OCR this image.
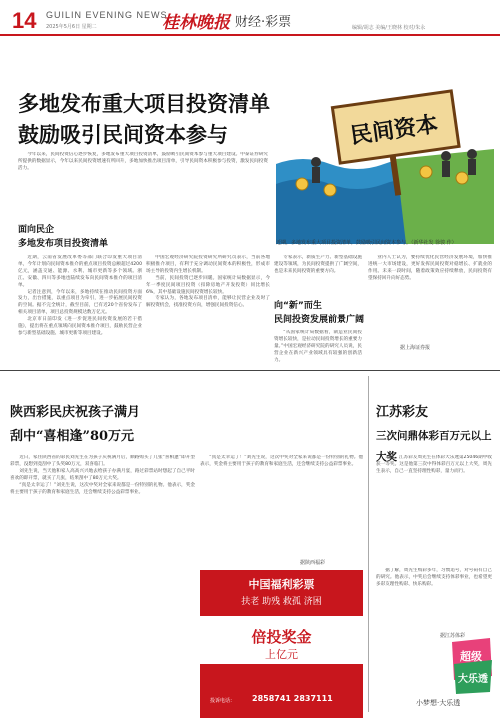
14 GUILIN EVENING NEWS
2025年5月6日 星期二	桂林晚报 财经·彩票	编辑/胡志 美编/王晓林 校对/朱永
多地发布重大项目投资清单
鼓励吸引民间资本参与	民间资本
近期，多地发布重大项目投资清单，鼓励吸引民间资本参与。（新华社发 徐骏 作）
今年以来，民间投资信心逐步恢复，多地发布重大项目投资清单，鼓励吸引民间资本参与重大项目建设。中泰证券研究所提供的数据显示，今年以来民间投资增速有所回升，多地加快推出项目清单，引导民间资本积极参与投资，激发民间投资活力。
面向民企
多地发布项目投资清单
近期，云南省发展改革委等部门联合印发重大项目清单，今年计划向民间资本推介的重点项目投资总额超过4200亿元，涵盖交通、能源、水利、城市更新等多个领域。浙江、安徽、四川等多地也陆续发布向民间资本推介的项目清单。
记者注意到，今年以来，多地持续在推动民间投资方面发力，出台措施，以重点项目为牵引，进一步拓展民间投资的空间。据不完全统计，截至目前，已有近20个省份发布了相关项目清单，项目总投资规模达数万亿元。
北京市日前印发《进一步促进民间投资发展的若干措施》，提出将在重点领域向民间资本推介项目，鼓励民营企业参与新型基础设施、城市更新等项目建设。
中国宏观经济研究院投资研究所研究员表示，当前各地积极推介项目，有利于充分调动民间资本的积极性，形成市场主导的投资内生增长机制。
当前，民间投资已逐步回暖。国家统计局数据显示，今年一季度民间项目投资（扣除房地产开发投资）同比增长6%，其中基础设施民间投资增长较快。
专家认为，各地发布项目清单，能够让民营企业及时了解投资机会，找准投资方向，增强民间投资信心。
专家表示，新质生产力、新型基础设施建设等领域，为民间投资提供了广阔空间，也是未来民间投资的重要方向。
向“新”而生
民间投资发展前景广阔
“从国家统计局数据看，制造业民间投资增长较快，是拉动民间投资增长的重要力量。”中国宏观经济研究院的研究人员说，民营企业在新兴产业领域具有较强的创新活力。
业内人士认为，要持续优化民营经济发展环境，加快推进统一大市场建设，更好发挥民间投资对稳增长、扩就业的作用。未来一段时间，随着政策效应持续释放，民间投资有望保持回升向好态势。
据上海证券报
陕西彩民庆祝孩子满月
刮中“喜相逢”80万元
近日，家住陕西省的彩民刘先生在为孩子庆祝满月后，顺路购买了几张“喜相逢”即开型彩票，没想到竟刮中了头奖80万元，双喜临门。
刘先生说，当天他和家人高高兴兴地去给孩子办满月宴，路过彩票站时想起了自己平时喜欢的即开票，就买了几张，结果刮中了80万元大奖。
“真是太幸运了！”刘先生说，这次中奖对全家来说都是一份特别的礼物。他表示，奖金将主要用于孩子的教育和家庭生活，还会继续支持公益彩票事业。
“真是太幸运了！”刘先生说，这次中奖对全家来说都是一份特别的礼物。他表示，奖金将主要用于孩子的教育和家庭生活，还会继续支持公益彩票事业。
据陕西福彩
中国福利彩票
扶老 助残 救孤 济困
倍投奖金
上亿元
投诉电话： 2858741 2837111
江苏彩友
三次问鼎体彩百万元以上大奖
近期，江苏彩友周先生在体彩大乐透第25046期中收获一等奖。这是他第三次中得体彩百万元以上大奖，周先生表示，自己一直坚持理性购彩，量力而行。
据了解，周先生购彩多年，习惯追号，对号码有自己的研究。他表示，中奖后会继续支持体彩事业，也希望更多彩友理性购彩、快乐购彩。
据江苏体彩
超级
大乐透
小梦想·大乐透
